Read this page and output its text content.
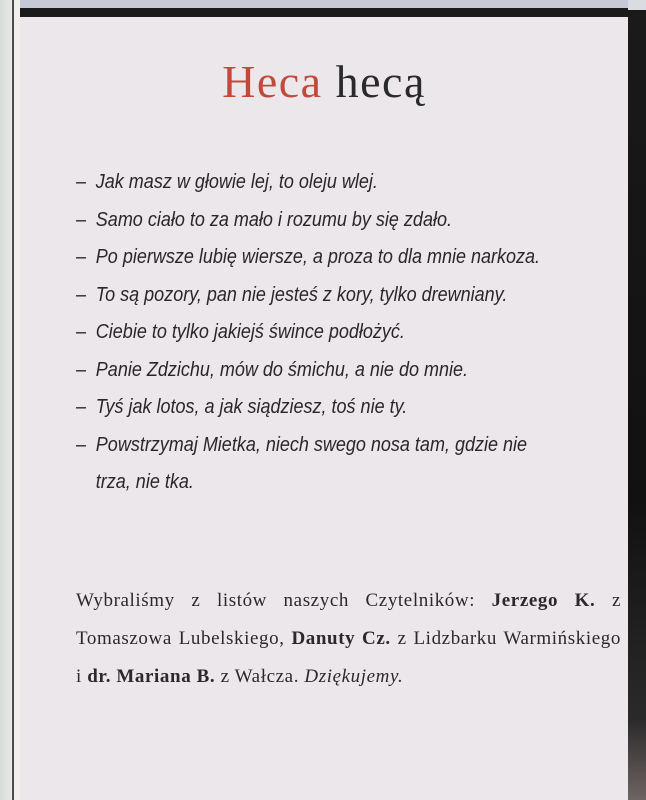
Heca hecą
– Jak masz w głowie lej, to oleju wlej.
– Samo ciało to za mało i rozumu by się zdało.
– Po pierwsze lubię wiersze, a proza to dla mnie narkoza.
– To są pozory, pan nie jesteś z kory, tylko drewniany.
– Ciebie to tylko jakiejś śwince podłożyć.
– Panie Zdzichu, mów do śmichu, a nie do mnie.
– Tyś jak lotos, a jak siądziesz, toś nie ty.
– Powstrzymaj Mietka, niech swego nosa tam, gdzie nie trza, nie tka.

Wybraliśmy z listów naszych Czytelników: Jerzego K. z Tomaszowa Lubelskiego, Danuty Cz. z Lidzbarku Warmińskiego i dr. Mariana B. z Wałcza. Dziękujemy.
